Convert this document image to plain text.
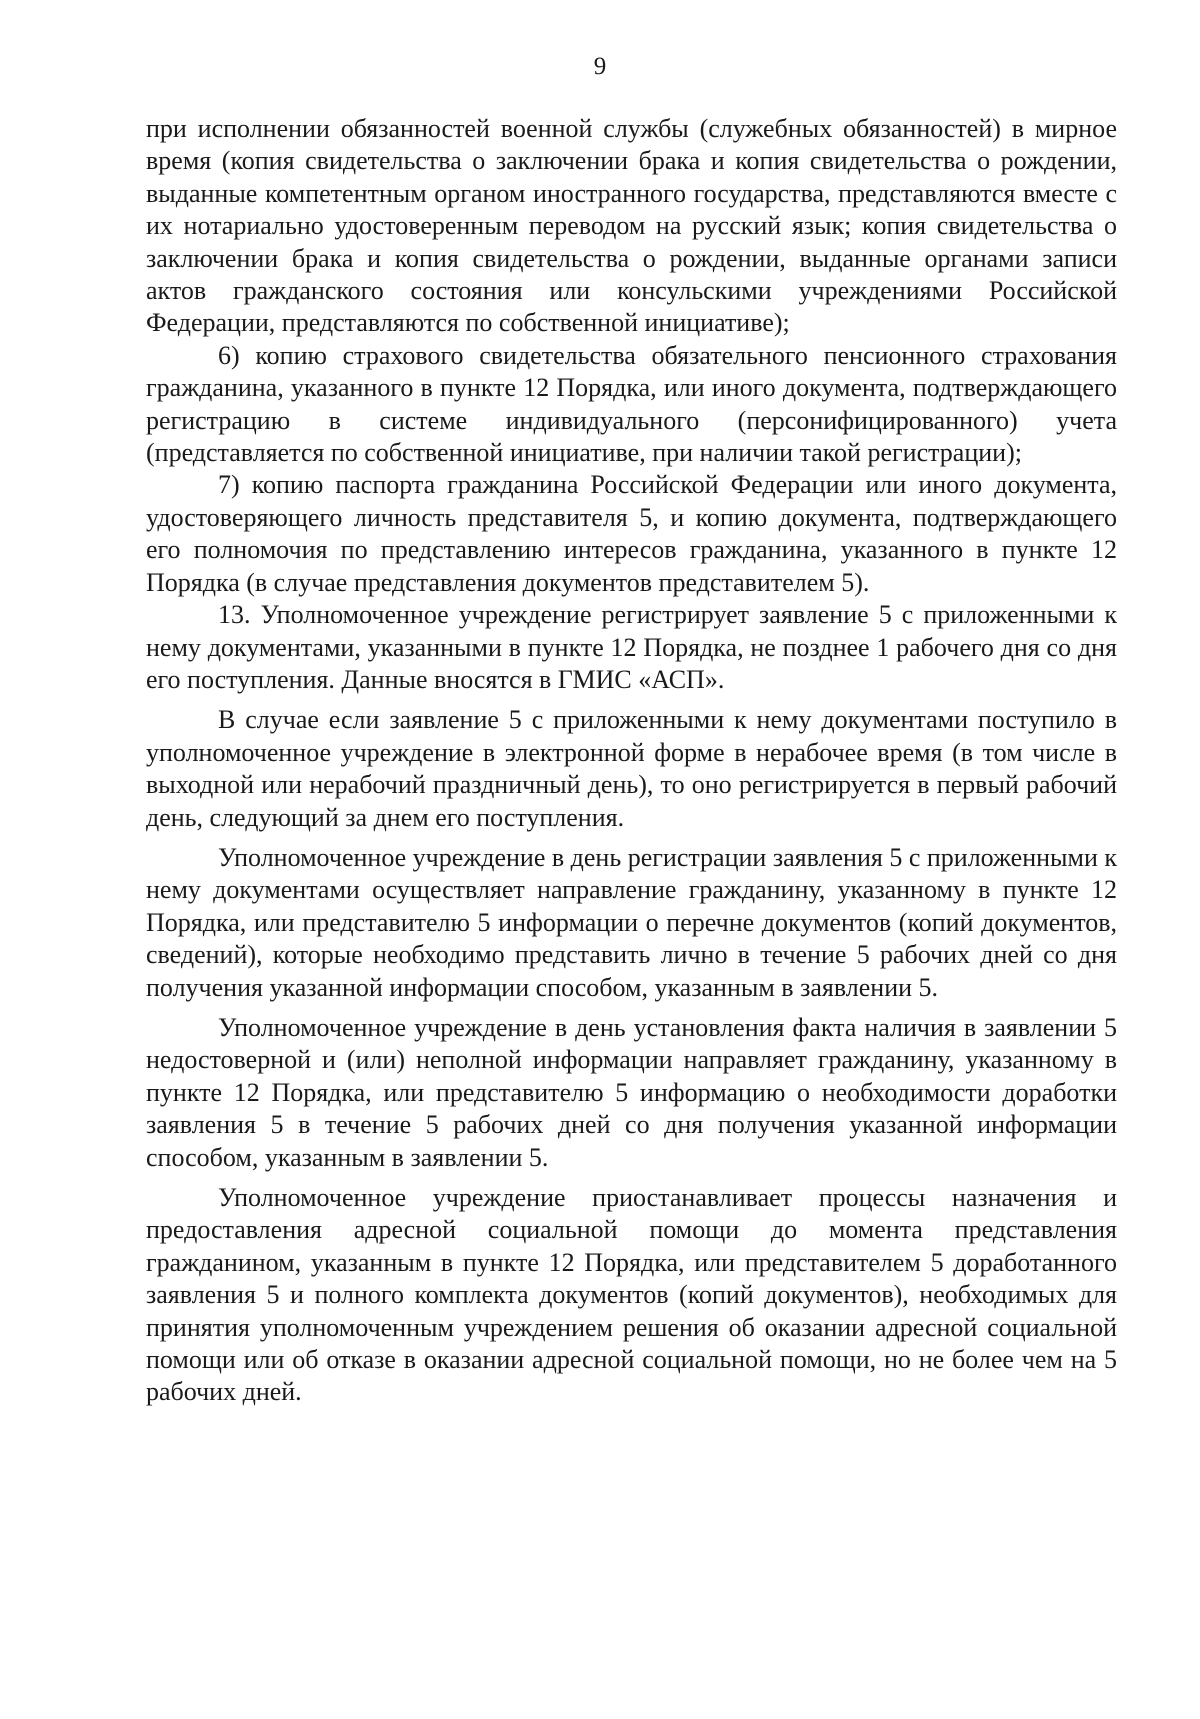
9

при исполнении обязанностей военной службы (служебных обязанностей) в мирное время (копия свидетельства о заключении брака и копия свидетельства о рождении, выданные компетентным органом иностранного государства, представляются вместе с их нотариально удостоверенным переводом на русский язык; копия свидетельства о заключении брака и копия свидетельства о рождении, выданные органами записи актов гражданского состояния или консульскими учреждениями Российской Федерации, представляются по собственной инициативе);

6) копию страхового свидетельства обязательного пенсионного страхования гражданина, указанного в пункте 12 Порядка, или иного документа, подтверждающего регистрацию в системе индивидуального (персонифицированного) учета (представляется по собственной инициативе, при наличии такой регистрации);

7) копию паспорта гражданина Российской Федерации или иного документа, удостоверяющего личность представителя 5, и копию документа, подтверждающего его полномочия по представлению интересов гражданина, указанного в пункте 12 Порядка (в случае представления документов представителем 5).

13. Уполномоченное учреждение регистрирует заявление 5 с приложенными к нему документами, указанными в пункте 12 Порядка, не позднее 1 рабочего дня со дня его поступления. Данные вносятся в ГМИС «АСП».

В случае если заявление 5 с приложенными к нему документами поступило в уполномоченное учреждение в электронной форме в нерабочее время (в том числе в выходной или нерабочий праздничный день), то оно регистрируется в первый рабочий день, следующий за днем его поступления.

Уполномоченное учреждение в день регистрации заявления 5 с приложенными к нему документами осуществляет направление гражданину, указанному в пункте 12 Порядка, или представителю 5 информации о перечне документов (копий документов, сведений), которые необходимо представить лично в течение 5 рабочих дней со дня получения указанной информации способом, указанным в заявлении 5.

Уполномоченное учреждение в день установления факта наличия в заявлении 5 недостоверной и (или) неполной информации направляет гражданину, указанному в пункте 12 Порядка, или представителю 5 информацию о необходимости доработки заявления 5 в течение 5 рабочих дней со дня получения указанной информации способом, указанным в заявлении 5.

Уполномоченное учреждение приостанавливает процессы назначения и предоставления адресной социальной помощи до момента представления гражданином, указанным в пункте 12 Порядка, или представителем 5 доработанного заявления 5 и полного комплекта документов (копий документов), необходимых для принятия уполномоченным учреждением решения об оказании адресной социальной помощи или об отказе в оказании адресной социальной помощи, но не более чем на 5 рабочих дней.
